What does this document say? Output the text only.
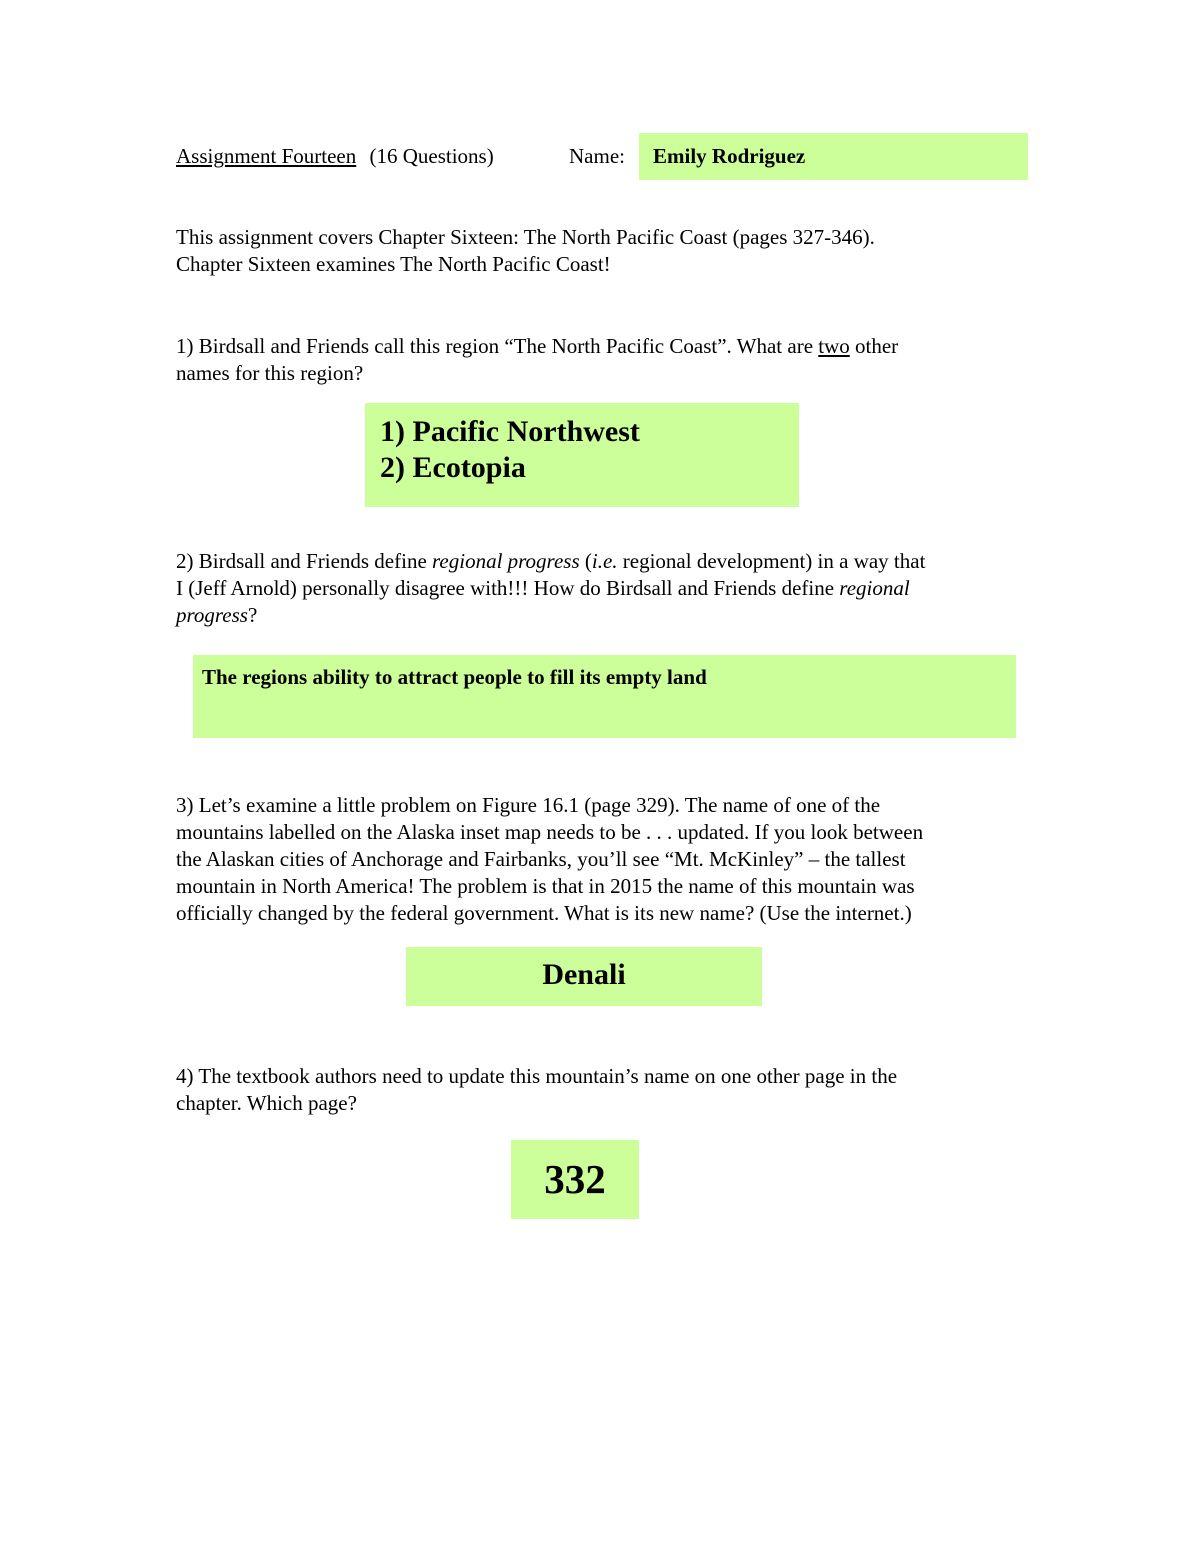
Assignment Fourteen (16 Questions)	Name: Emily Rodriguez
This assignment covers Chapter Sixteen: The North Pacific Coast (pages 327-346).
Chapter Sixteen examines The North Pacific Coast!
1) Birdsall and Friends call this region “The North Pacific Coast”. What are two other
names for this region?
1) Pacific Northwest
2) Ecotopia
2) Birdsall and Friends define regional progress (i.e. regional development) in a way that
I (Jeff Arnold) personally disagree with!!! How do Birdsall and Friends define regional
progress?
The regions ability to attract people to fill its empty land
3) Let’s examine a little problem on Figure 16.1 (page 329). The name of one of the
mountains labelled on the Alaska inset map needs to be . . . updated. If you look between
the Alaskan cities of Anchorage and Fairbanks, you’ll see “Mt. McKinley” – the tallest
mountain in North America! The problem is that in 2015 the name of this mountain was
officially changed by the federal government. What is its new name? (Use the internet.)
Denali
4) The textbook authors need to update this mountain’s name on one other page in the
chapter. Which page?
332
